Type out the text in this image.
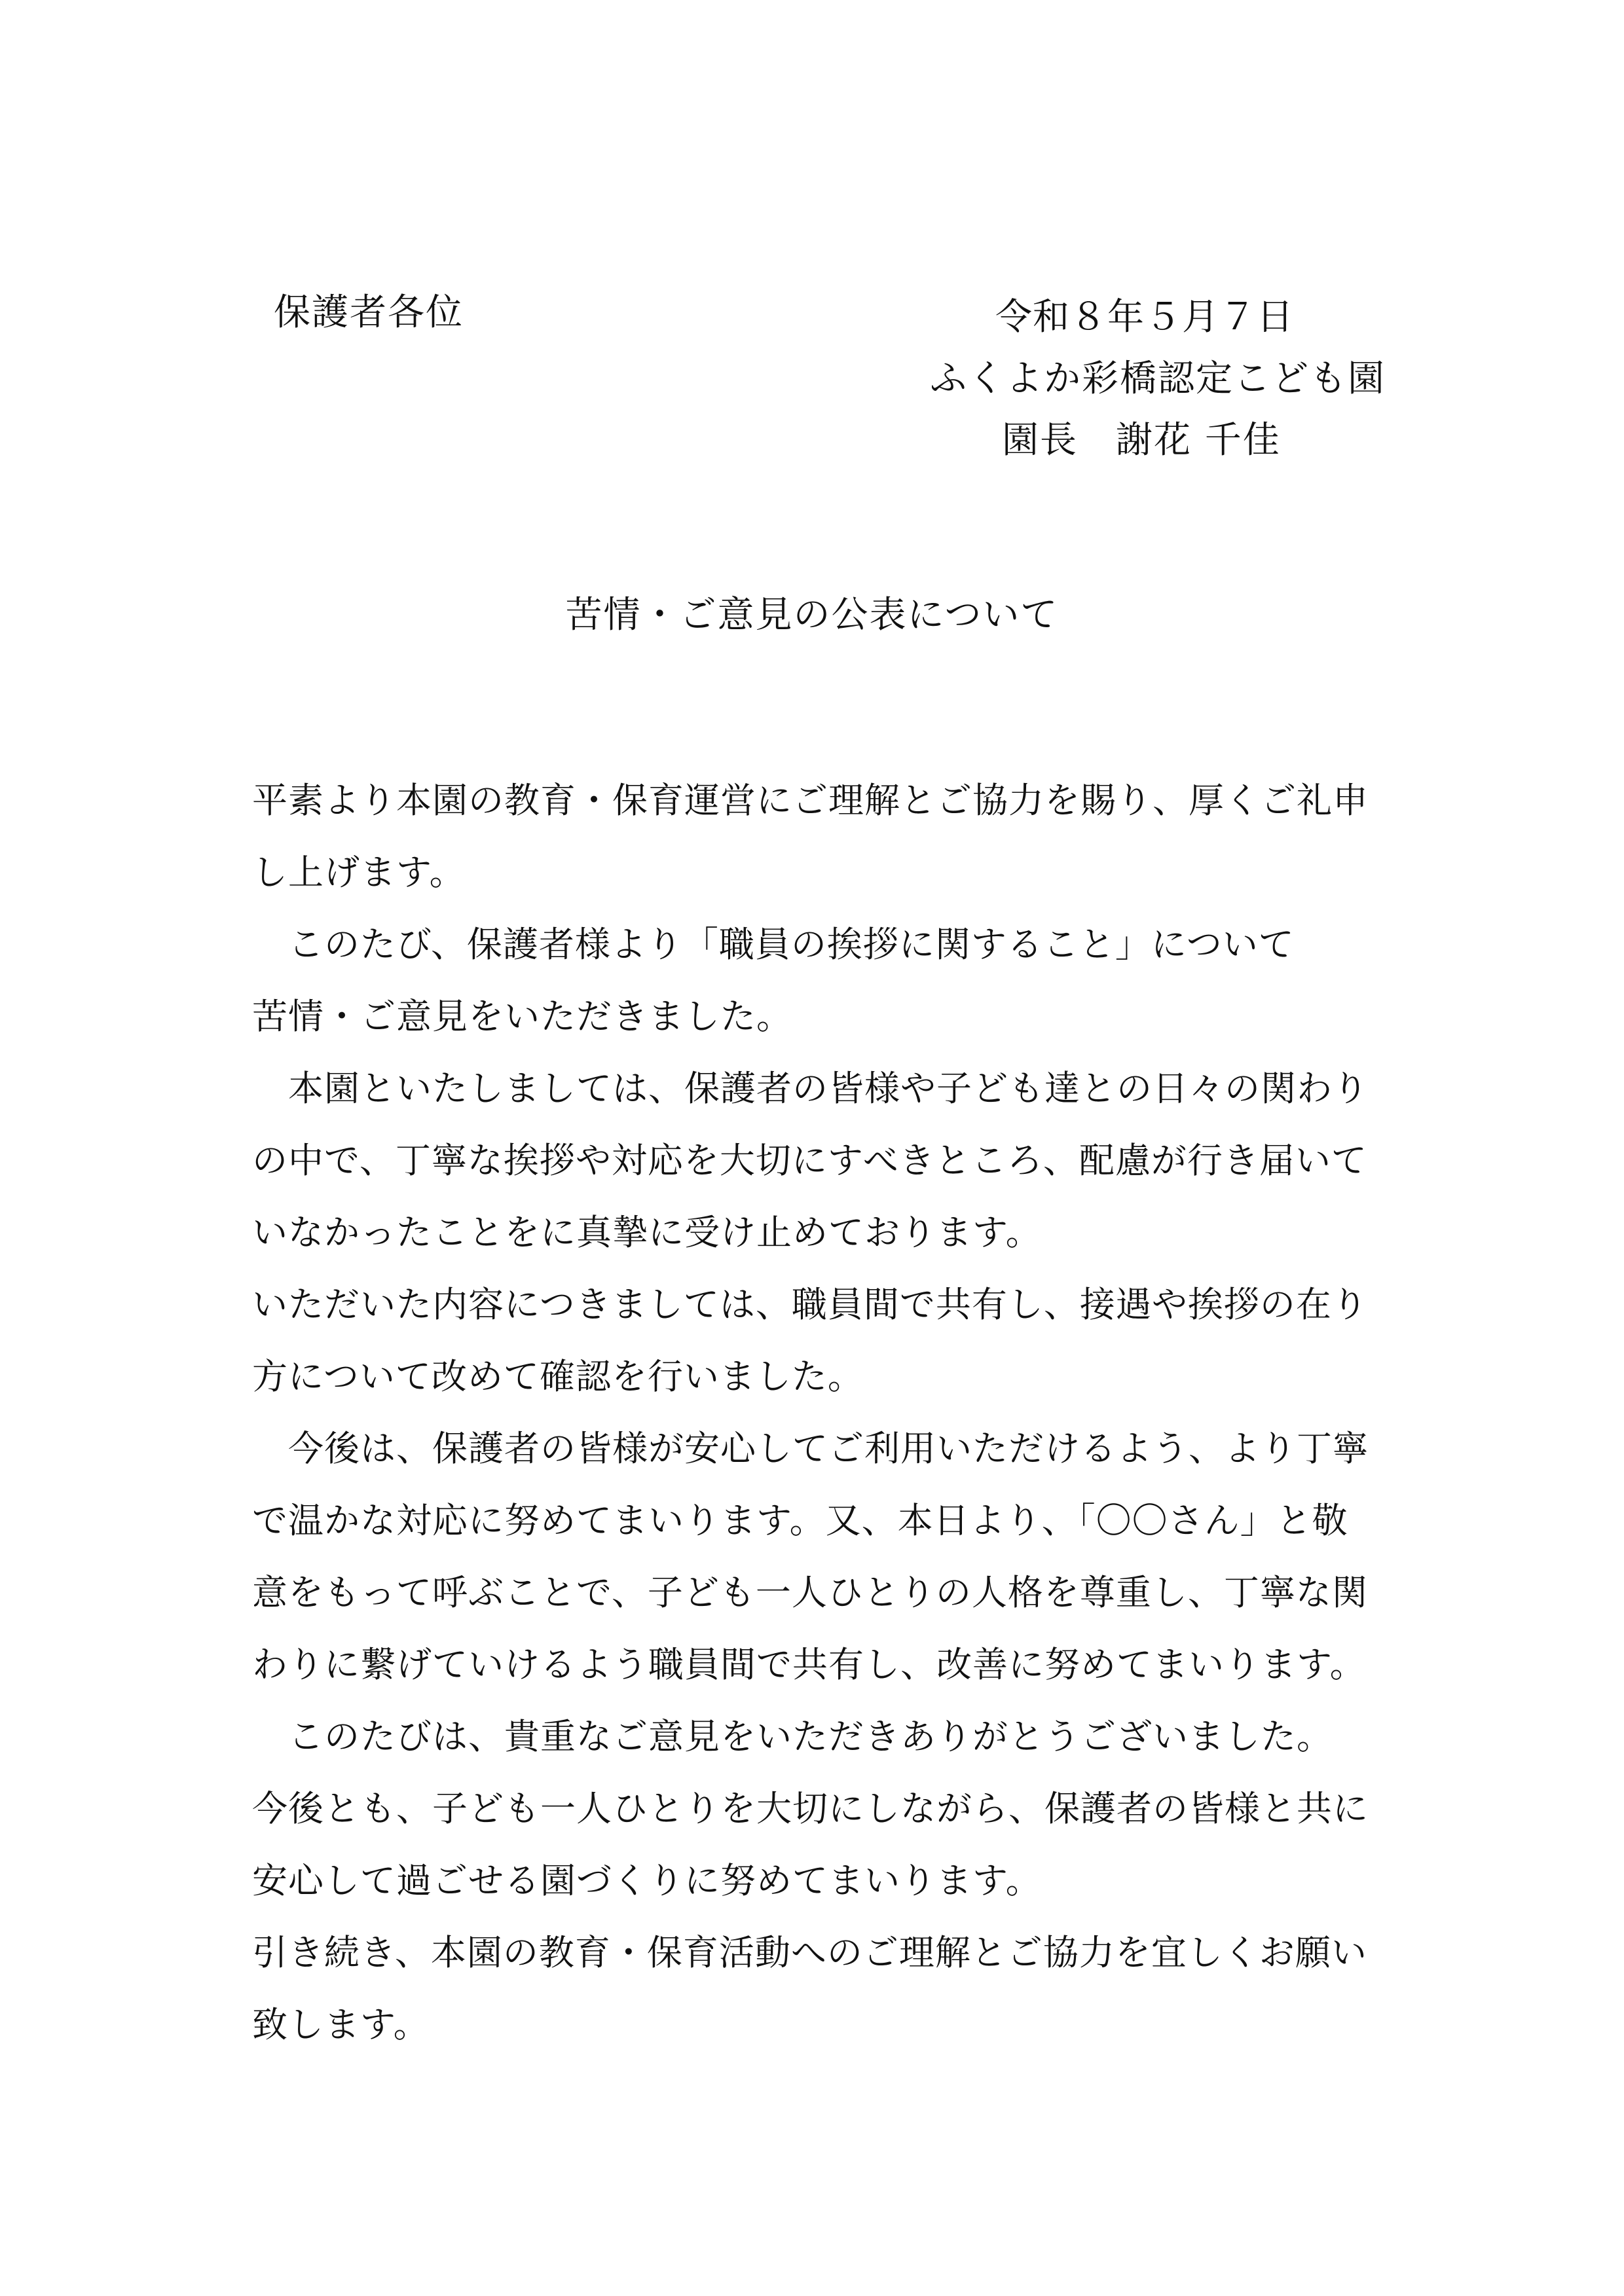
保護者各位	令和８年５月７日
ふくよか彩橋認定こども園
園長　謝花 千佳
苦情・ご意見の公表について
平素より本園の教育・保育運営にご理解とご協力を賜り、厚くご礼申
し上げます。
　このたび、保護者様より「職員の挨拶に関すること」について
苦情・ご意見をいただきました。
　本園といたしましては、保護者の皆様や子ども達との日々の関わり
の中で、丁寧な挨拶や対応を大切にすべきところ、配慮が行き届いて
いなかったことをに真摯に受け止めております。
いただいた内容につきましては、職員間で共有し、接遇や挨拶の在り
方について改めて確認を行いました。
　今後は、保護者の皆様が安心してご利用いただけるよう、より丁寧
で温かな対応に努めてまいります。又、本日より、「〇〇さん」と敬
意をもって呼ぶことで、子ども一人ひとりの人格を尊重し、丁寧な関
わりに繋げていけるよう職員間で共有し、改善に努めてまいります。
　このたびは、貴重なご意見をいただきありがとうございました。
今後とも、子ども一人ひとりを大切にしながら、保護者の皆様と共に
安心して過ごせる園づくりに努めてまいります。
引き続き、本園の教育・保育活動へのご理解とご協力を宜しくお願い
致します。
